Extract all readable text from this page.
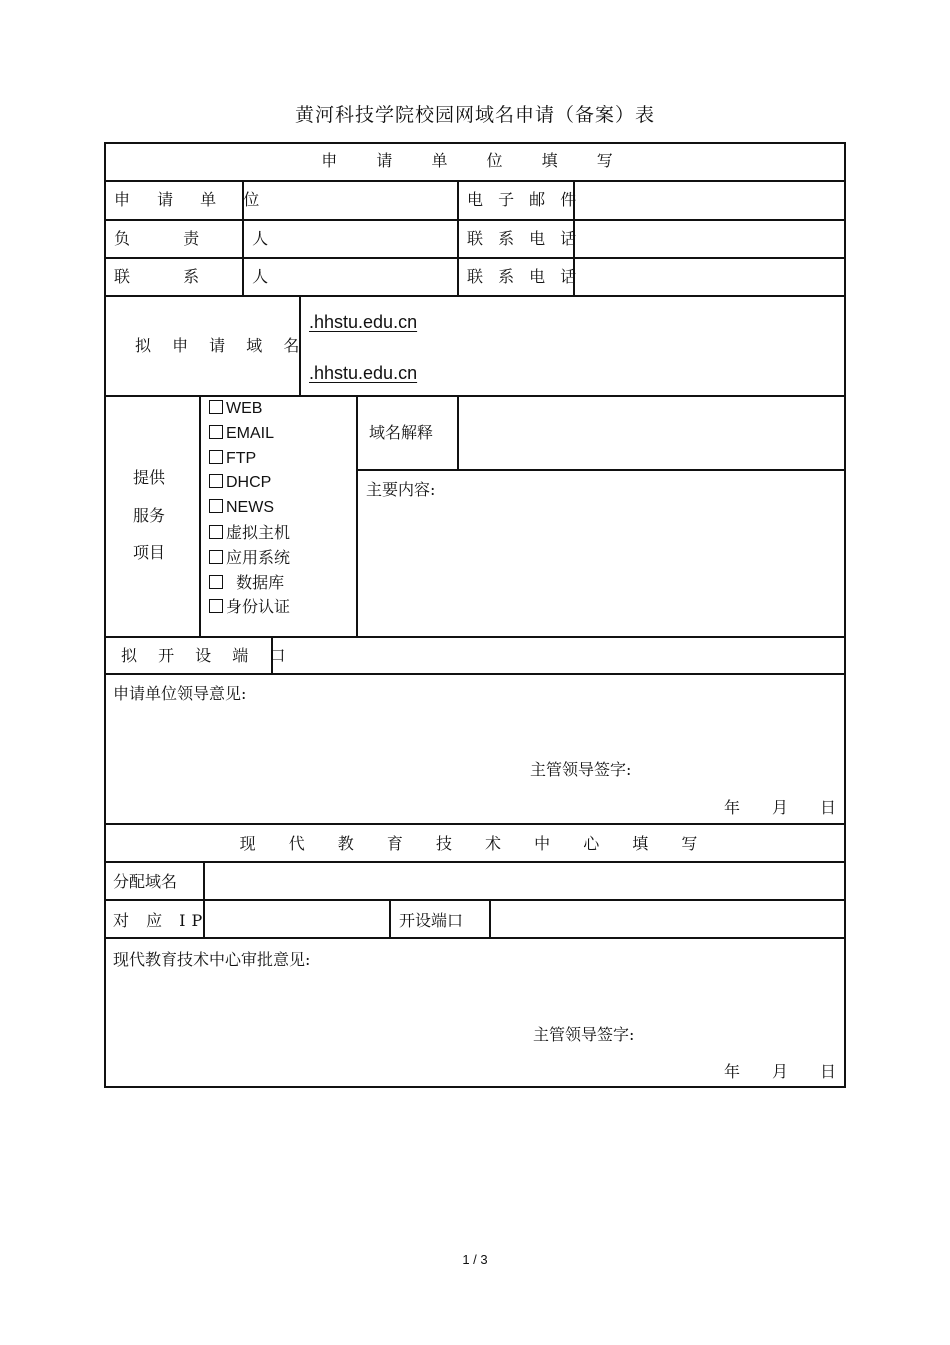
黄河科技学院校园网域名申请（备案）表
申 请 单 位 填 写
申 请 单 位	电 子 邮 件
负 责 人	联 系 电 话
联 系 人	联 系 电 话
拟 申 请 域 名
.hhstu.edu.cn
.hhstu.edu.cn
提供
服务
项目
WEB
EMAIL
FTP
DHCP
NEWS
虚拟主机
应用系统
数据库
身份认证
域名解释
主要内容:
拟 开 设 端 口
申请单位领导意见:
主管领导签字:
年 月 日
现 代 教 育 技 术 中 心 填 写
分配域名
对 应 IP	开设端口
现代教育技术中心审批意见:
主管领导签字:
年 月 日
1 / 3
